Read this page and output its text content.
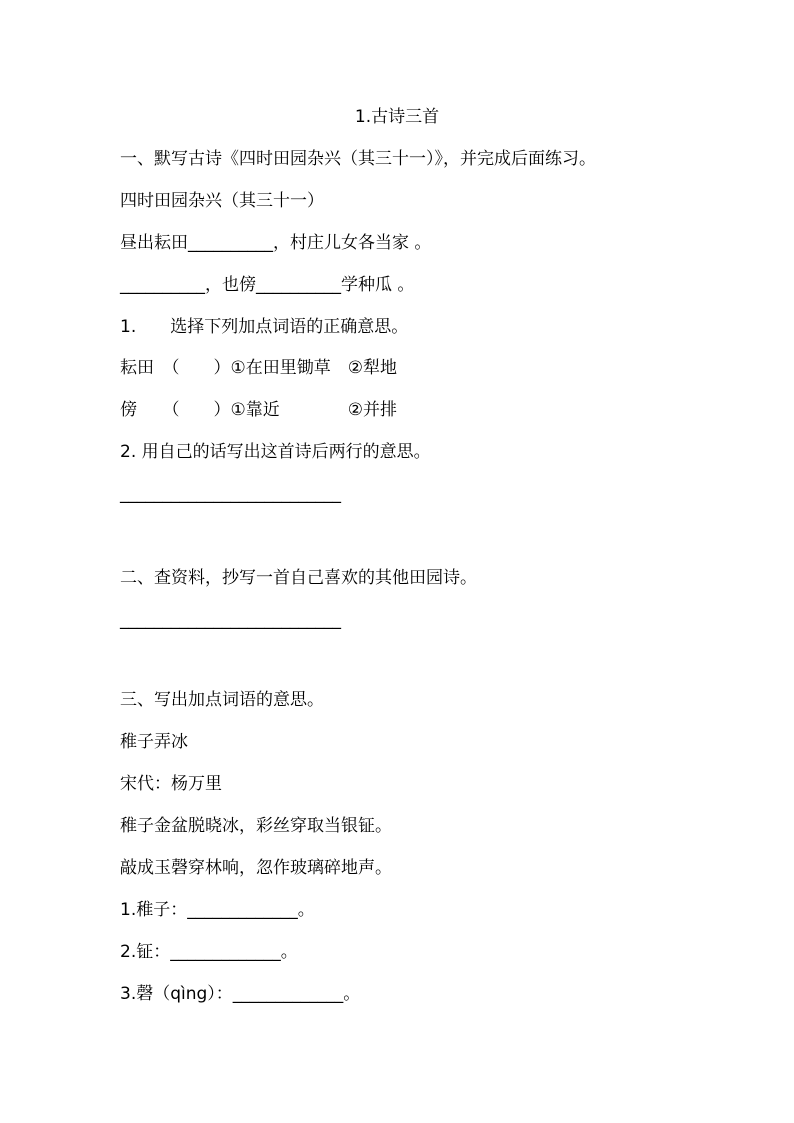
1.古诗三首
一、默写古诗《四时田园杂兴（其三十一）》，并完成后面练习。
四时田园杂兴（其三十一）
昼出耘田__________，村庄儿女各当家 。
__________，也傍__________学种瓜 。
1.　　选择下列加点词语的正确意思。
耘田　（　　）①在田里锄草　②犁地
傍　　（　　）①靠近　　　　②并排
2. 用自己的话写出这首诗后两行的意思。
__________________________
二、查资料，抄写一首自己喜欢的其他田园诗。
__________________________
三、写出加点词语的意思。
稚子弄冰
宋代：杨万里
稚子金盆脱晓冰，彩丝穿取当银钲。
敲成玉磬穿林响，忽作玻璃碎地声。
1.稚子：_____________。
2.钲：_____________。
3.磬（qìng）：_____________。
